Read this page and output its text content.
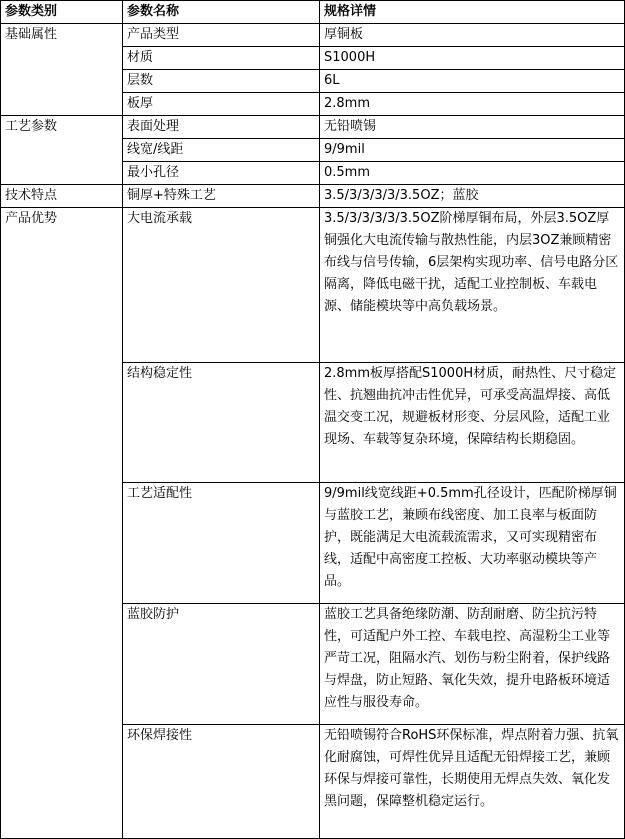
参数类别	参数名称	规格详情
基础属性	产品类型	厚铜板
	材质	S1000H
	层数	6L
	板厚	2.8mm
工艺参数	表面处理	无铅喷锡
	线宽/线距	9/9mil
	最小孔径	0.5mm
技术特点	铜厚+特殊工艺	3.5/3/3/3/3/3.5OZ；蓝胶
产品优势	大电流承载	3.5/3/3/3/3/3.5OZ阶梯厚铜布局，外层3.5OZ厚铜强化大电流传输与散热性能，内层3OZ兼顾精密布线与信号传输，6层架构实现功率、信号电路分区隔离，降低电磁干扰，适配工业控制板、车载电源、储能模块等中高负载场景。
	结构稳定性	2.8mm板厚搭配S1000H材质，耐热性、尺寸稳定性、抗翘曲抗冲击性优异，可承受高温焊接、高低温交变工况，规避板材形变、分层风险，适配工业现场、车载等复杂环境，保障结构长期稳固。
	工艺适配性	9/9mil线宽线距+0.5mm孔径设计，匹配阶梯厚铜与蓝胶工艺，兼顾布线密度、加工良率与板面防护，既能满足大电流载流需求，又可实现精密布线，适配中高密度工控板、大功率驱动模块等产品。
	蓝胶防护	蓝胶工艺具备绝缘防潮、防刮耐磨、防尘抗污特性，可适配户外工控、车载电控、高湿粉尘工业等严苛工况，阻隔水汽、划伤与粉尘附着，保护线路与焊盘，防止短路、氧化失效，提升电路板环境适应性与服役寿命。
	环保焊接性	无铅喷锡符合RoHS环保标准，焊点附着力强、抗氧化耐腐蚀，可焊性优异且适配无铅焊接工艺，兼顾环保与焊接可靠性，长期使用无焊点失效、氧化发黑问题，保障整机稳定运行。
